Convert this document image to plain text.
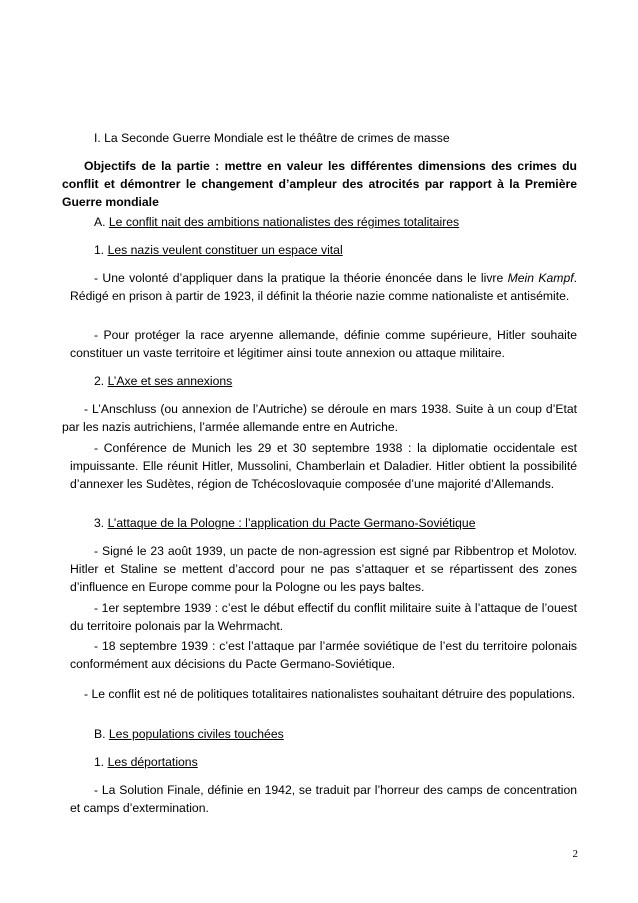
I. La Seconde Guerre Mondiale est le théâtre de crimes de masse

Objectifs de la partie : mettre en valeur les différentes dimensions des crimes du conflit et démontrer le changement d’ampleur des atrocités par rapport à la Première Guerre mondiale

A. Le conflit nait des ambitions nationalistes des régimes totalitaires

1. Les nazis veulent constituer un espace vital

- Une volonté d’appliquer dans la pratique la théorie énoncée dans le livre Mein Kampf. Rédigé en prison à partir de 1923, il définit la théorie nazie comme nationaliste et antisémite.

- Pour protéger la race aryenne allemande, définie comme supérieure, Hitler souhaite constituer un vaste territoire et légitimer ainsi toute annexion ou attaque militaire.

2. L’Axe et ses annexions

- L’Anschluss (ou annexion de l’Autriche) se déroule en mars 1938. Suite à un coup d’Etat par les nazis autrichiens, l’armée allemande entre en Autriche.

- Conférence de Munich les 29 et 30 septembre 1938 : la diplomatie occidentale est impuissante. Elle réunit Hitler, Mussolini, Chamberlain et Daladier. Hitler obtient la possibilité d’annexer les Sudètes, région de Tchécoslovaquie composée d’une majorité d’Allemands.

3. L’attaque de la Pologne : l’application du Pacte Germano-Soviétique

- Signé le 23 août 1939, un pacte de non-agression est signé par Ribbentrop et Molotov. Hitler et Staline se mettent d’accord pour ne pas s’attaquer et se répartissent des zones d’influence en Europe comme pour la Pologne ou les pays baltes.

- 1er septembre 1939 : c’est le début effectif du conflit militaire suite à l’attaque de l’ouest du territoire polonais par la Wehrmacht.

- 18 septembre 1939 : c’est l’attaque par l’armée soviétique de l’est du territoire polonais conformément aux décisions du Pacte Germano-Soviétique.

- Le conflit est né de politiques totalitaires nationalistes souhaitant détruire des populations.

B. Les populations civiles touchées

1. Les déportations

- La Solution Finale, définie en 1942, se traduit par l’horreur des camps de concentration et camps d’extermination.

2
